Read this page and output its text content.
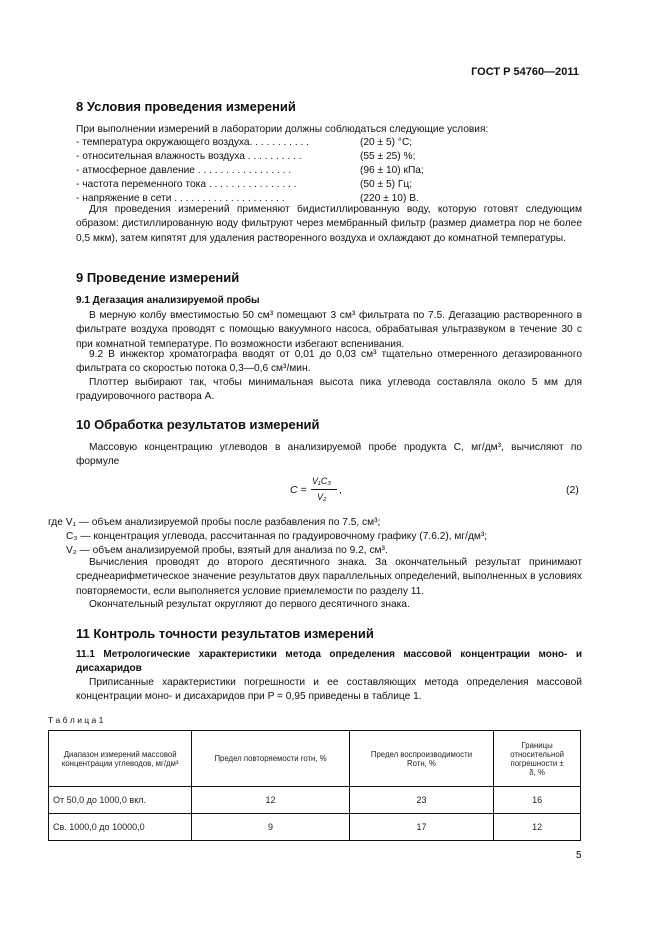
ГОСТ Р 54760—2011
8 Условия проведения измерений
При выполнении измерений в лаборатории должны соблюдаться следующие условия:
- температура окружающего воздуха. . . . . . . . . . .	(20 ± 5) °С;
- относительная влажность воздуха . . . . . . . . . .	(55 ± 25) %;
- атмосферное давление . . . . . . . . . . . . . . . . .	(96 ± 10) кПа;
- частота переменного тока . . . . . . . . . . . . . . . .	(50 ± 5) Гц;
- напряжение в сети . . . . . . . . . . . . . . . . . . . .	(220 ± 10) В.
Для проведения измерений применяют бидистиллированную воду, которую готовят следующим образом: дистиллированную воду фильтруют через мембранный фильтр (размер диаметра пор не более 0,5 мкм), затем кипятят для удаления растворенного воздуха и охлаждают до комнатной температуры.
9 Проведение измерений
9.1 Дегазация анализируемой пробы
В мерную колбу вместимостью 50 см³ помещают 3 см³ фильтрата по 7.5. Дегазацию растворенного в фильтрате воздуха проводят с помощью вакуумного насоса, обрабатывая ультразвуком в течение 30 с при комнатной температуре. По возможности избегают вспенивания.
9.2 В инжектор хроматографа вводят от 0,01 до 0,03 см³ тщательно отмеренного дегазированного фильтрата со скоростью потока 0,3—0,6 см³/мин.
Плоттер выбирают так, чтобы минимальная высота пика углевода составляла около 5 мм для градуировочного раствора А.
10 Обработка результатов измерений
Массовую концентрацию углеводов в анализируемой пробе продукта C, мг/дм³, вычисляют по формуле
C =
V₁C₃
V₂
,	(2)
где V₁ — объем анализируемой пробы после разбавления по 7.5, см³;
C₃ — концентрация углевода, рассчитанная по градуировочному графику (7.6.2), мг/дм³;
V₂ — объем анализируемой пробы, взятый для анализа по 9.2, см³.
Вычисления проводят до второго десятичного знака. За окончательный результат принимают среднеарифметическое значение результатов двух параллельных определений, выполненных в условиях повторяемости, если выполняется условие приемлемости по разделу 11.
Окончательный результат округляют до первого десятичного знака.
11 Контроль точности результатов измерений
11.1 Метрологические характеристики метода определения массовой концентрации моно- и дисахаридов
Приписанные характеристики погрешности и ее составляющих метода определения массовой концентрации моно- и дисахаридов при P = 0,95 приведены в таблице 1.
Т а б л и ц а 1
Диапазон измерений массовой концентрации углеводов, мг/дм³	Предел повторяемости rотн, %	Предел воспроизводимости Rотн, %	Границы относительной погрешности ± δ, %
От 50,0 до 1000,0 вкл.	12	23	16
Св. 1000,0 до 10000,0	9	17	12
5
